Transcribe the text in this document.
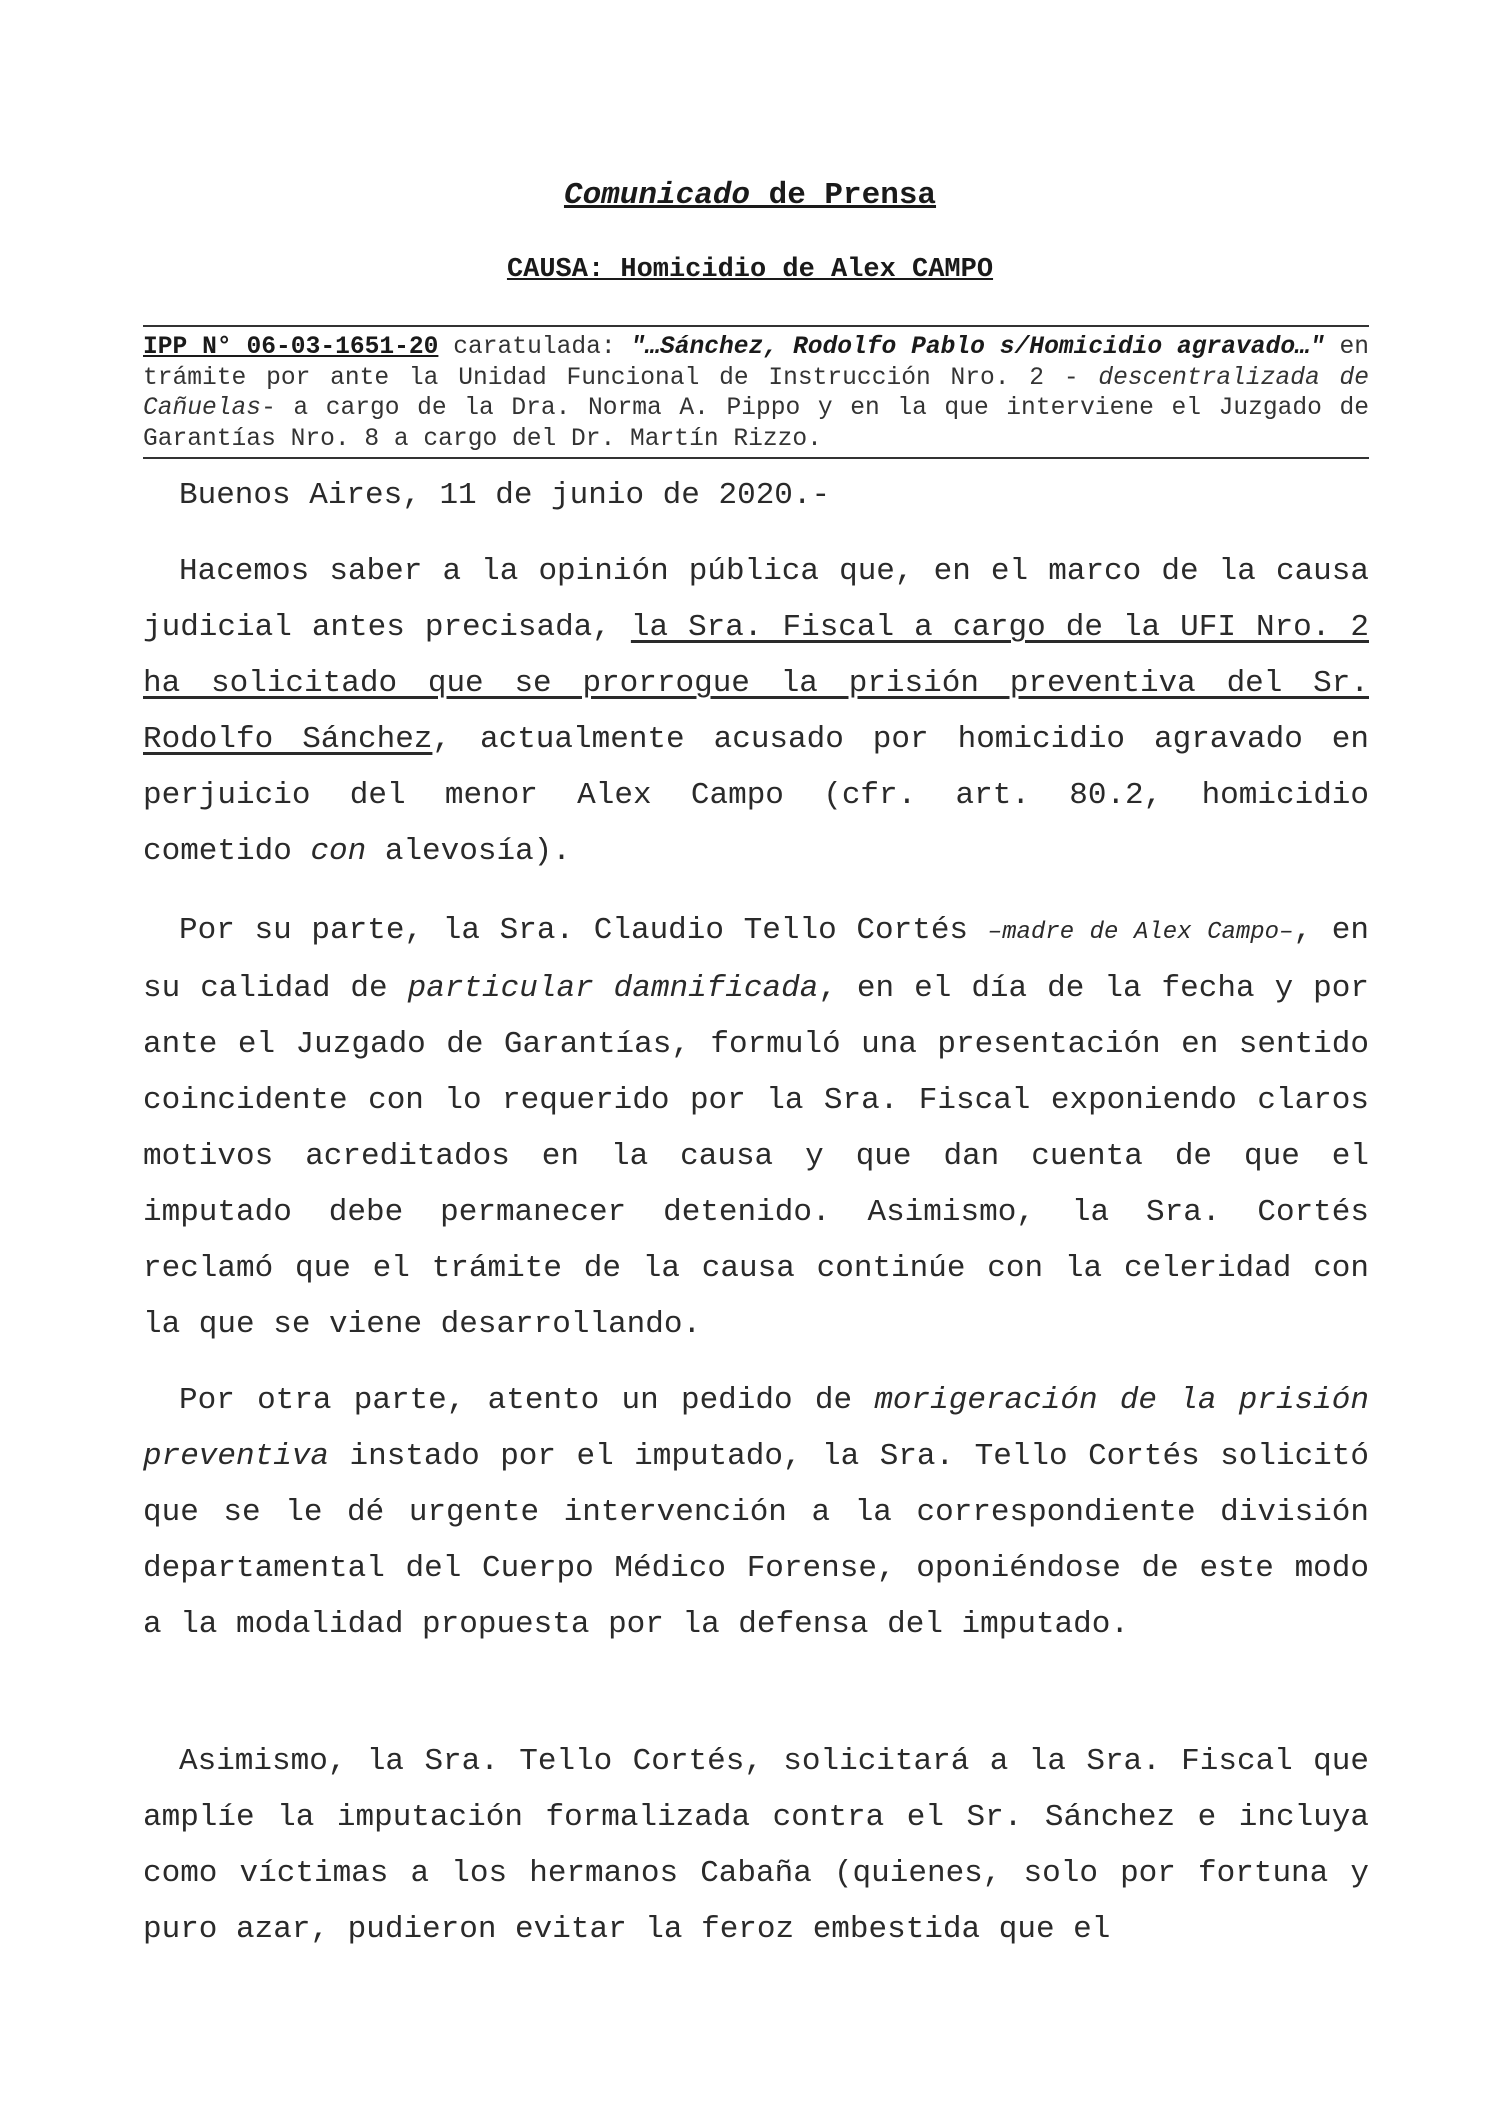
Comunicado de Prensa
CAUSA: Homicidio de Alex CAMPO
IPP N° 06-03-1651-20 caratulada: "…Sánchez, Rodolfo Pablo s/Homicidio agravado…" en trámite por ante la Unidad Funcional de Instrucción Nro. 2 - descentralizada de Cañuelas- a cargo de la Dra. Norma A. Pippo y en la que interviene el Juzgado de Garantías Nro. 8 a cargo del Dr. Martín Rizzo.
Buenos Aires, 11 de junio de 2020.-
Hacemos saber a la opinión pública que, en el marco de la causa judicial antes precisada, la Sra. Fiscal a cargo de la UFI Nro. 2 ha solicitado que se prorrogue la prisión preventiva del Sr. Rodolfo Sánchez, actualmente acusado por homicidio agravado en perjuicio del menor Alex Campo (cfr. art. 80.2, homicidio cometido con alevosía).
Por su parte, la Sra. Claudio Tello Cortés –madre de Alex Campo–, en su calidad de particular damnificada, en el día de la fecha y por ante el Juzgado de Garantías, formuló una presentación en sentido coincidente con lo requerido por la Sra. Fiscal exponiendo claros motivos acreditados en la causa y que dan cuenta de que el imputado debe permanecer detenido. Asimismo, la Sra. Cortés reclamó que el trámite de la causa continúe con la celeridad con la que se viene desarrollando.
Por otra parte, atento un pedido de morigeración de la prisión preventiva instado por el imputado, la Sra. Tello Cortés solicitó que se le dé urgente intervención a la correspondiente división departamental del Cuerpo Médico Forense, oponiéndose de este modo a la modalidad propuesta por la defensa del imputado.
Asimismo, la Sra. Tello Cortés, solicitará a la Sra. Fiscal que amplíe la imputación formalizada contra el Sr. Sánchez e incluya como víctimas a los hermanos Cabaña (quienes, solo por fortuna y puro azar, pudieron evitar la feroz embestida que el
